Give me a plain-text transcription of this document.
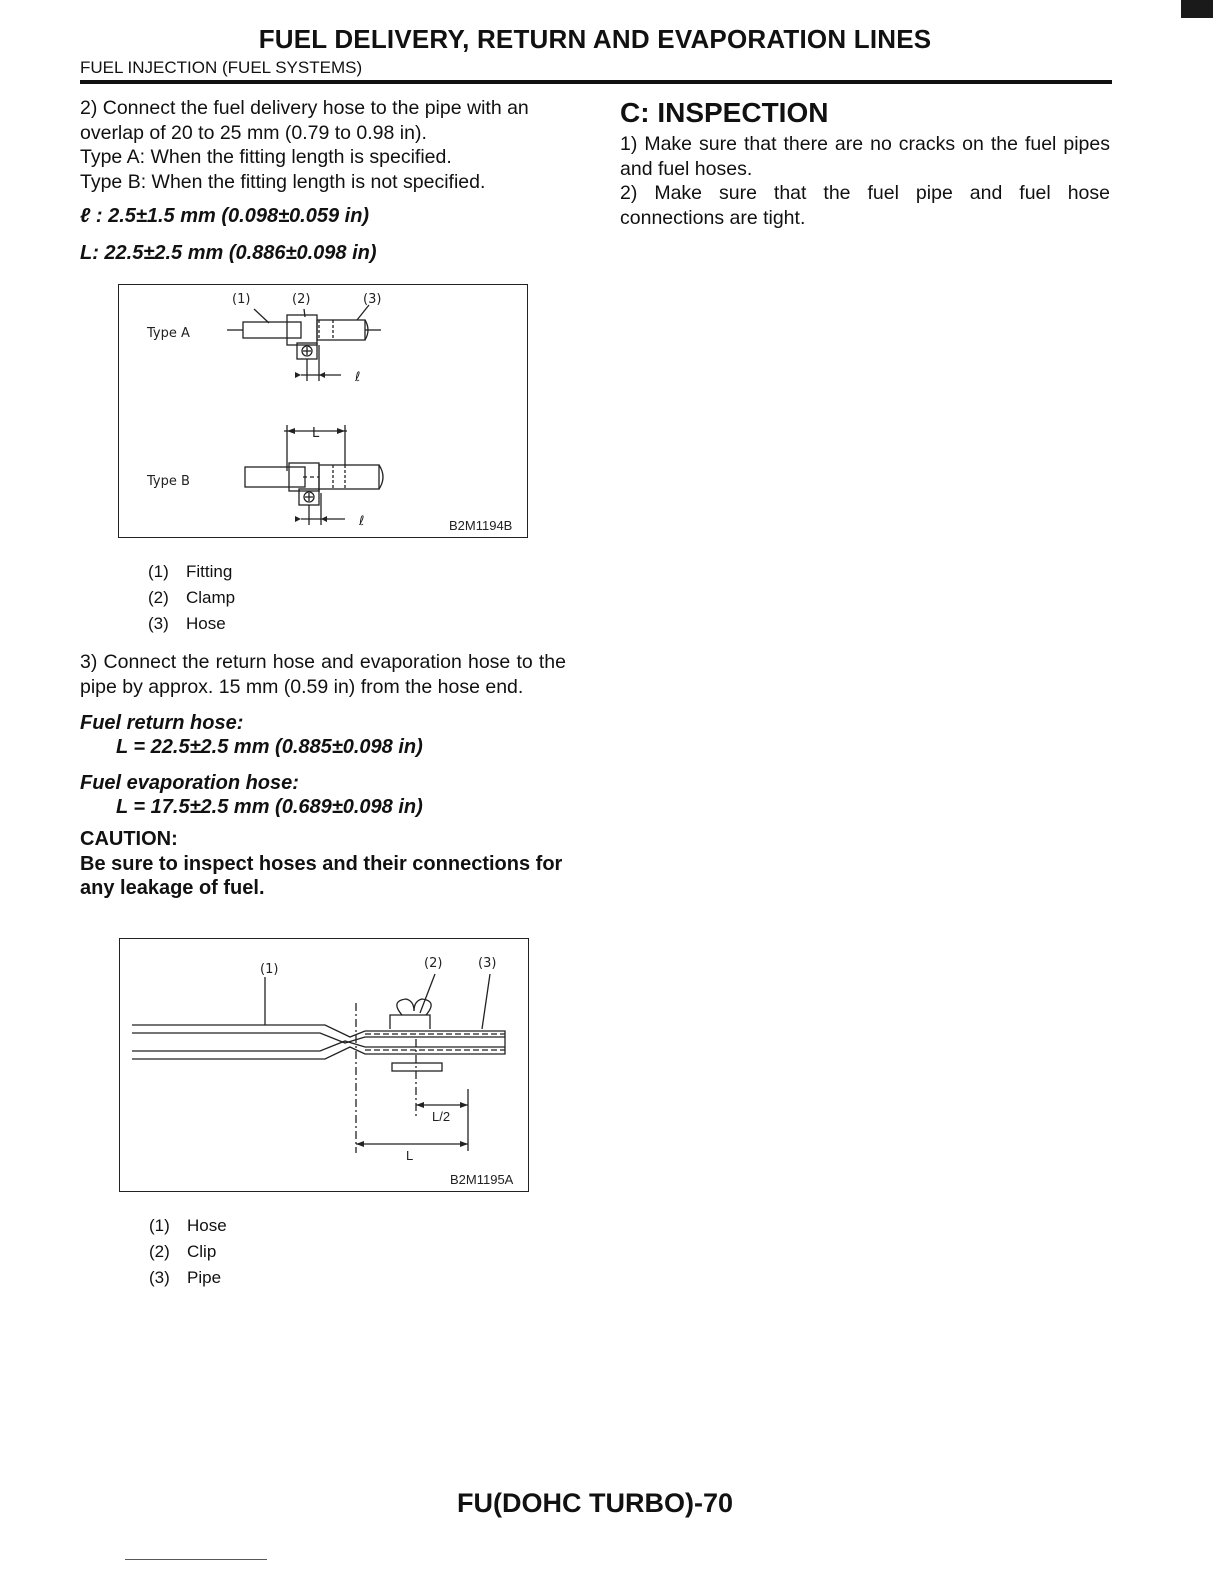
FUEL DELIVERY, RETURN AND EVAPORATION LINES
FUEL INJECTION (FUEL SYSTEMS)

2) Connect the fuel delivery hose to the pipe with an

overlap of 20 to 25 mm (0.79 to 0.98 in).

Type A: When the fitting length is specified.

Type B: When the fitting length is not specified.

ℓ : 2.5±1.5 mm (0.098±0.059 in)

L: 22.5±2.5 mm (0.886±0.098 in)

(1)	(2)	(3)
Type A
ℓ
L
Type B
ℓ	B2M1194B
(1)	Fitting
(2)	Clamp
(3)	Hose

3) Connect the return hose and evaporation hose to the pipe by approx. 15 mm (0.59 in) from the hose end.

Fuel return hose:
L = 22.5±2.5 mm (0.885±0.098 in)
Fuel evaporation hose:
L = 17.5±2.5 mm (0.689±0.098 in)
CAUTION:
Be sure to inspect hoses and their connections for any leakage of fuel.
(1)	(2)	(3)
L/2
L
B2M1195A
(1)	Hose
(2)	Clip
(3)	Pipe
C: INSPECTION

1) Make sure that there are no cracks on the fuel pipes and fuel hoses.

2) Make sure that the fuel pipe and fuel hose connections are tight.

FU(DOHC TURBO)-70
